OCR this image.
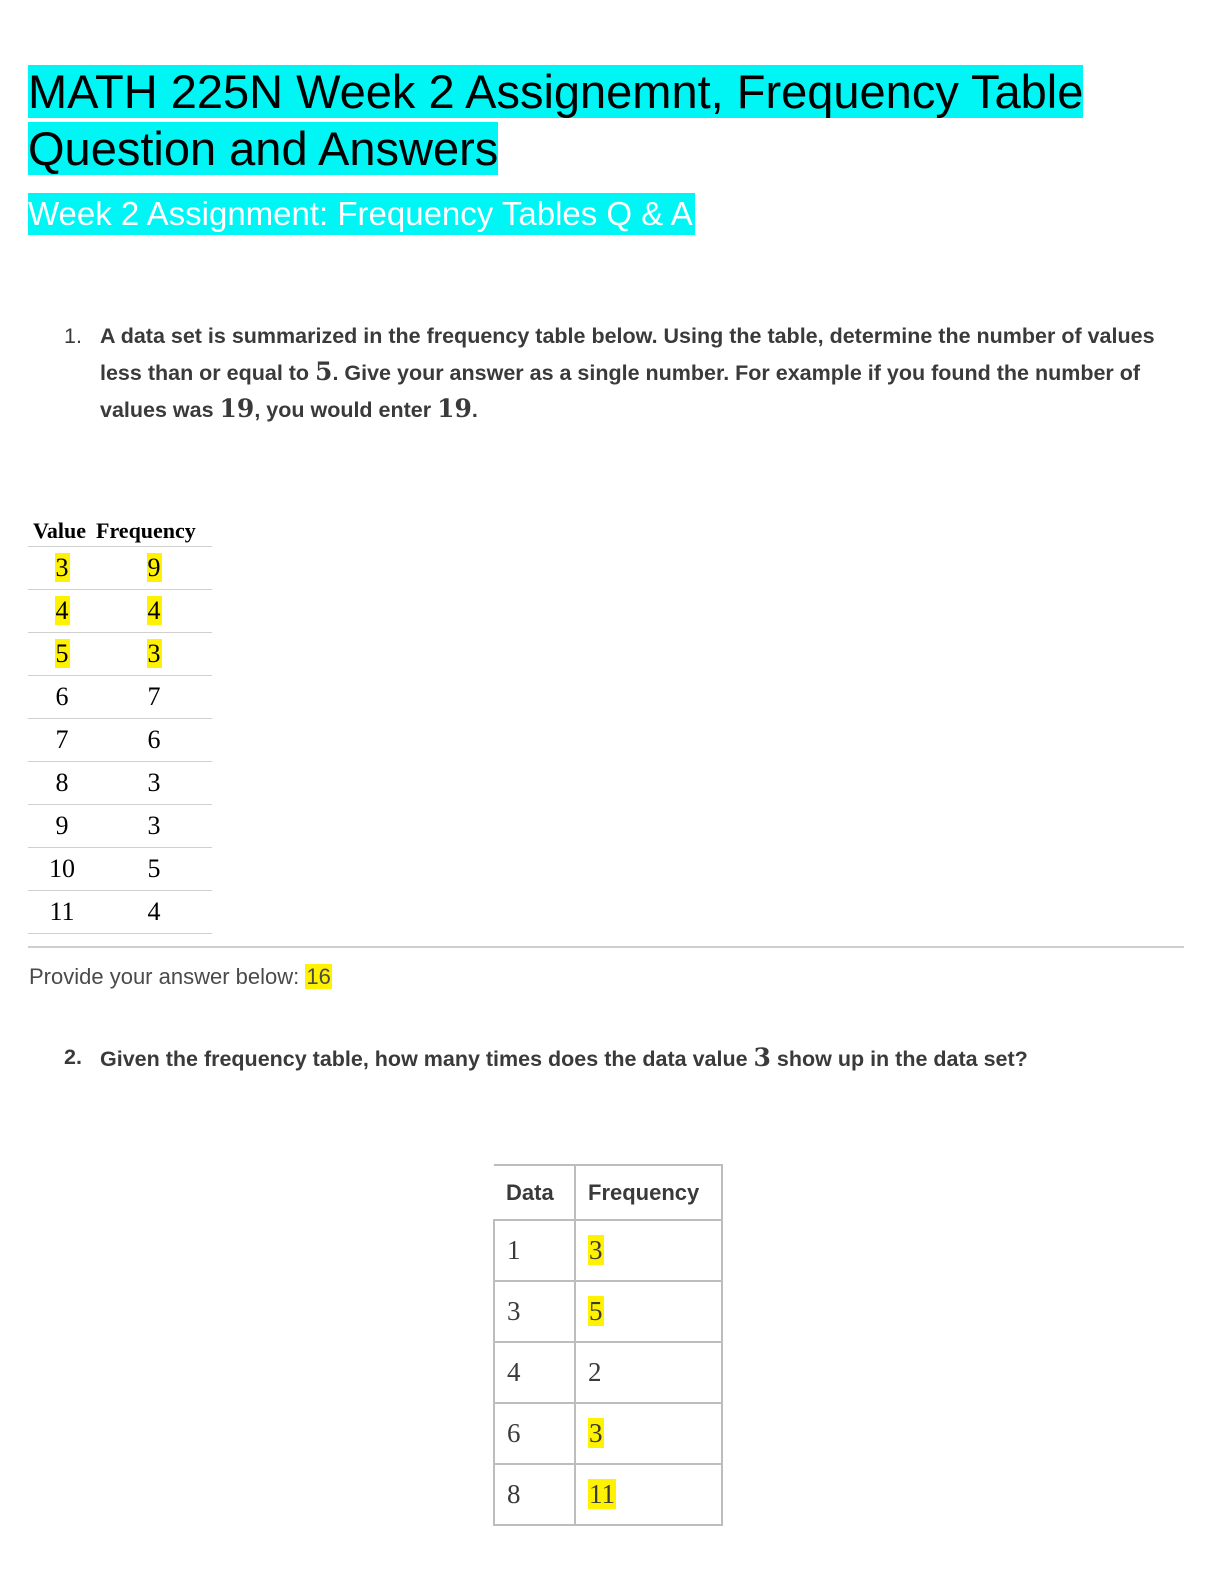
MATH 225N Week 2 Assignemnt, Frequency Table Question and Answers
Week 2 Assignment: Frequency Tables Q & A
1. A data set is summarized in the frequency table below. Using the table, determine the number of values less than or equal to 5. Give your answer as a single number. For example if you found the number of values was 19, you would enter 19.
Value	Frequency
3	9
4	4
5	3
6	7
7	6
8	3
9	3
10	5
11	4
Provide your answer below: 16
2. Given the frequency table, how many times does the data value 3 show up in the data set?
Data	Frequency
1	3
3	5
4	2
6	3
8	11
